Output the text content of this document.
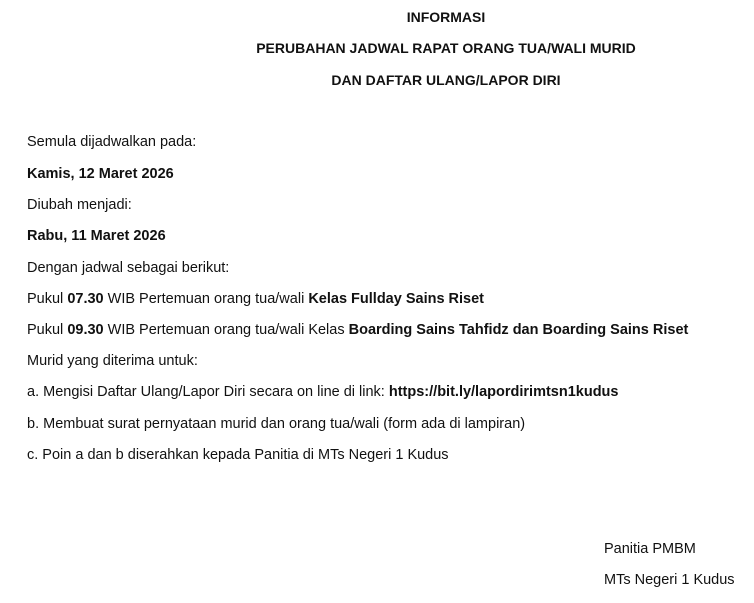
INFORMASI
PERUBAHAN JADWAL RAPAT ORANG TUA/WALI MURID
DAN DAFTAR ULANG/LAPOR DIRI
Semula dijadwalkan pada:
Kamis, 12 Maret 2026
Diubah menjadi:
Rabu, 11 Maret 2026
Dengan jadwal sebagai berikut:
Pukul 07.30 WIB Pertemuan orang tua/wali Kelas Fullday Sains Riset
Pukul 09.30 WIB Pertemuan orang tua/wali Kelas Boarding Sains Tahfidz dan Boarding Sains Riset
Murid yang diterima untuk:
a. Mengisi Daftar Ulang/Lapor Diri secara on line di link: https://bit.ly/lapordirimtsn1kudus
b. Membuat surat pernyataan murid dan orang tua/wali (form ada di lampiran)
c. Poin a dan b diserahkan kepada Panitia di MTs Negeri 1 Kudus
Panitia PMBM
MTs Negeri 1 Kudus
